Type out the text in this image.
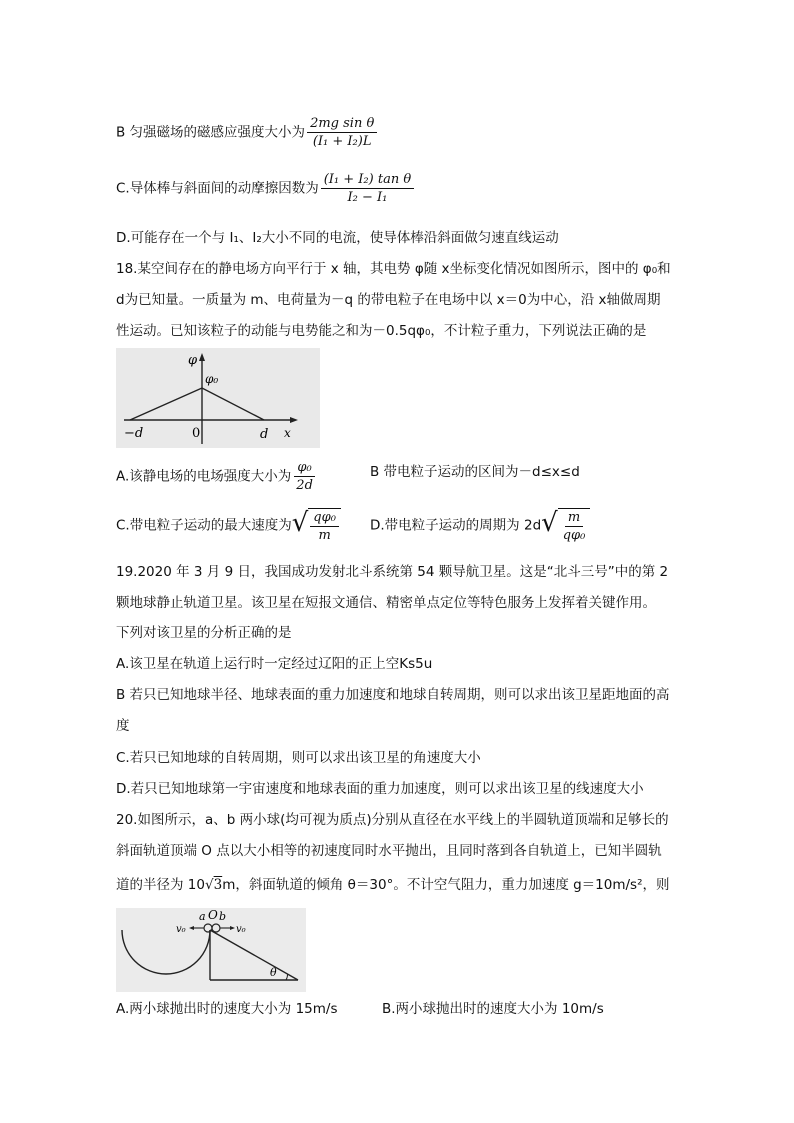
B 匀强磁场的磁感应强度大小为 $\frac{\text{2mg sin θ}}{\text{(I₁ + I₂)L}}$
C.导体棒与斜面间的动摩擦因数为 $\frac{\text{(I₁ + I₂) tan θ}}{\text{I₂ − I₁}}$
D.可能存在一个与 I₁、I₂大小不同的电流，使导体棒沿斜面做匀速直线运动
18.某空间存在的静电场方向平行于 x 轴，其电势 φ随 x坐标变化情况如图所示，图中的 φ₀和
d为已知量。一质量为 m、电荷量为－q 的带电粒子在电场中以 x＝0为中心，沿 x轴做周期
性运动。已知该粒子的动能与电势能之和为－0.5qφ₀，不计粒子重力，下列说法正确的是
φ
φ₀
−d	0	d x
A.该静电场的电场强度大小为 $\frac{\text{φ₀}}{2d}$	B 带电粒子运动的区间为－d≤x≤d
C.带电粒子运动的最大速度为 √ $\frac{\text{qφ₀}}{m} D$.带电粒子运动的周期为 2d √ $\frac{m}{\text{qφ₀}}$
19.2020 年 3 月 9 日，我国成功发射北斗系统第 54 颗导航卫星。这是“北斗三号”中的第 2
颗地球静止轨道卫星。该卫星在短报文通信、精密单点定位等特色服务上发挥着关键作用。
下列对该卫星的分析正确的是
A.该卫星在轨道上运行时一定经过辽阳的正上空Ks5u
B 若只已知地球半径、地球表面的重力加速度和地球自转周期，则可以求出该卫星距地面的高
度
C.若只已知地球的自转周期，则可以求出该卫星的角速度大小
D.若只已知地球第一宇宙速度和地球表面的重力加速度，则可以求出该卫星的线速度大小
20.如图所示，a、b 两小球(均可视为质点)分别从直径在水平线上的半圆轨道顶端和足够长的
斜面轨道顶端 O 点以大小相等的初速度同时水平抛出，且同时落到各自轨道上，已知半圆轨
道的半径为 10√3m，斜面轨道的倾角 θ＝30°。不计空气阻力，重力加速度 g＝10m/s²，则
a O b
v₀	v₀
θ
A.两小球抛出时的速度大小为 15m/s	B.两小球抛出时的速度大小为 10m/s
